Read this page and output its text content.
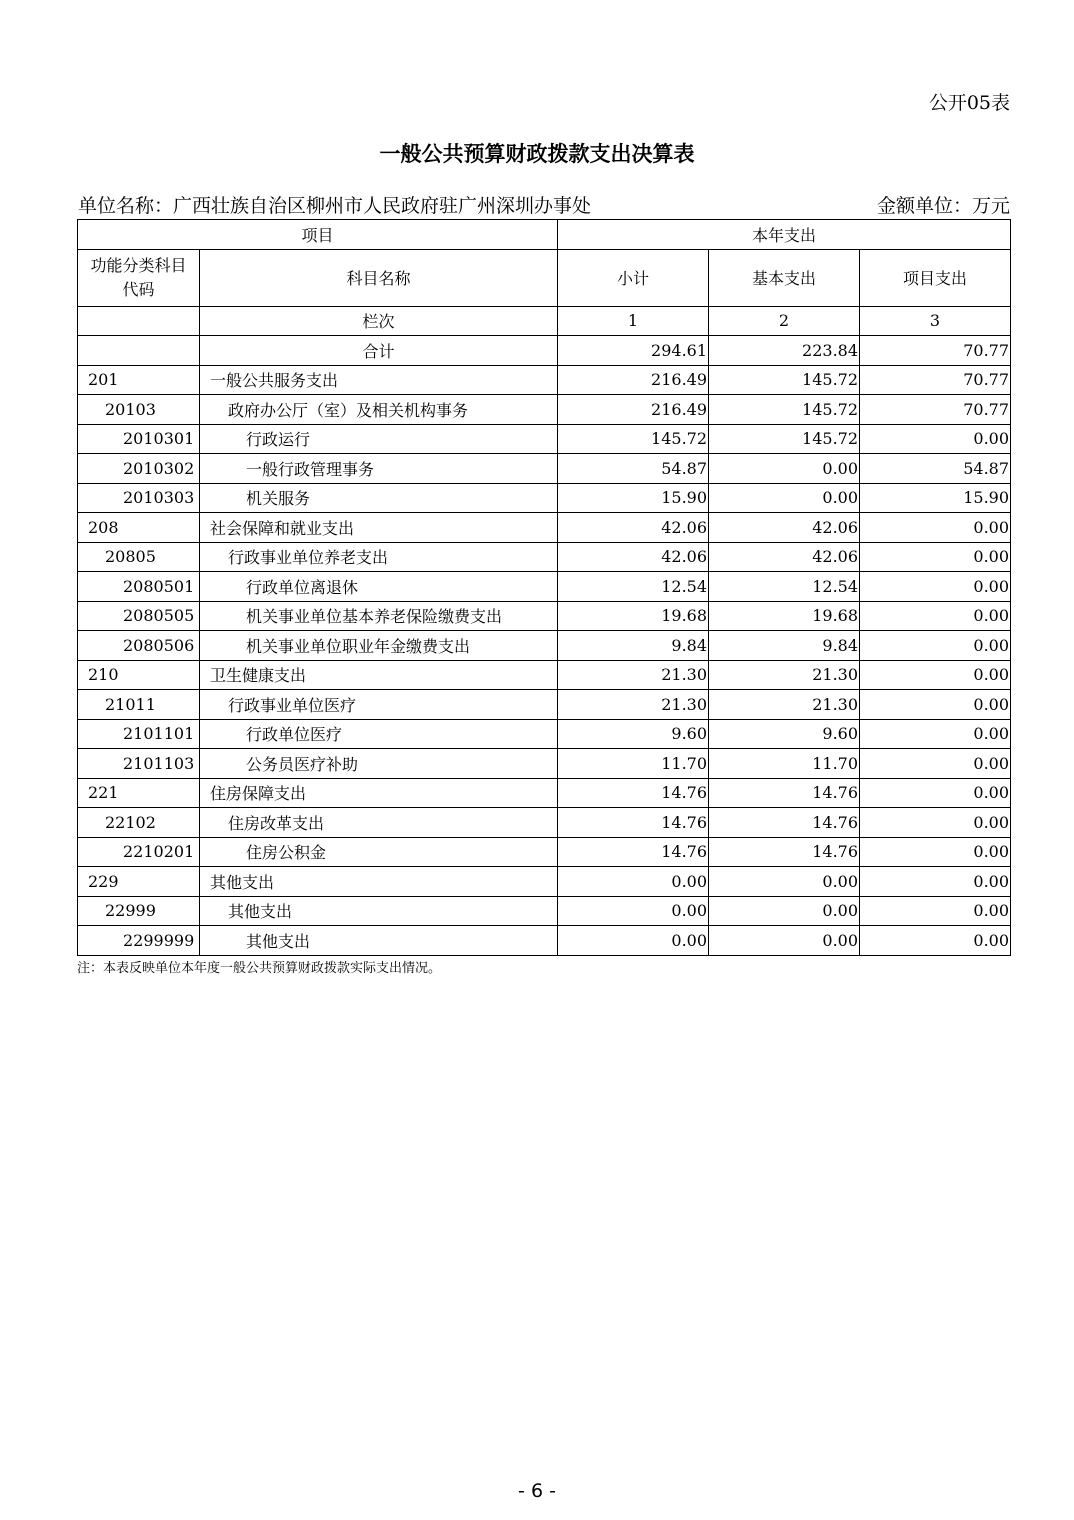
公开05表
一般公共预算财政拨款支出决算表
单位名称：广西壮族自治区柳州市人民政府驻广州深圳办事处	金额单位：万元
项目		本年支出		
功能分类科目代码	科目名称	小计	基本支出	项目支出
	栏次	1	2	3
	合计	294.61	223.84	70.77
201	一般公共服务支出	216.49	145.72	70.77
20103	政府办公厅（室）及相关机构事务	216.49	145.72	70.77
2010301	行政运行	145.72	145.72	0.00
2010302	一般行政管理事务	54.87	0.00	54.87
2010303	机关服务	15.90	0.00	15.90
208	社会保障和就业支出	42.06	42.06	0.00
20805	行政事业单位养老支出	42.06	42.06	0.00
2080501	行政单位离退休	12.54	12.54	0.00
2080505	机关事业单位基本养老保险缴费支出	19.68	19.68	0.00
2080506	机关事业单位职业年金缴费支出	9.84	9.84	0.00
210	卫生健康支出	21.30	21.30	0.00
21011	行政事业单位医疗	21.30	21.30	0.00
2101101	行政单位医疗	9.60	9.60	0.00
2101103	公务员医疗补助	11.70	11.70	0.00
221	住房保障支出	14.76	14.76	0.00
22102	住房改革支出	14.76	14.76	0.00
2210201	住房公积金	14.76	14.76	0.00
229	其他支出	0.00	0.00	0.00
22999	其他支出	0.00	0.00	0.00
2299999	其他支出	0.00	0.00	0.00
注：本表反映单位本年度一般公共预算财政拨款实际支出情况。
- 6 -
